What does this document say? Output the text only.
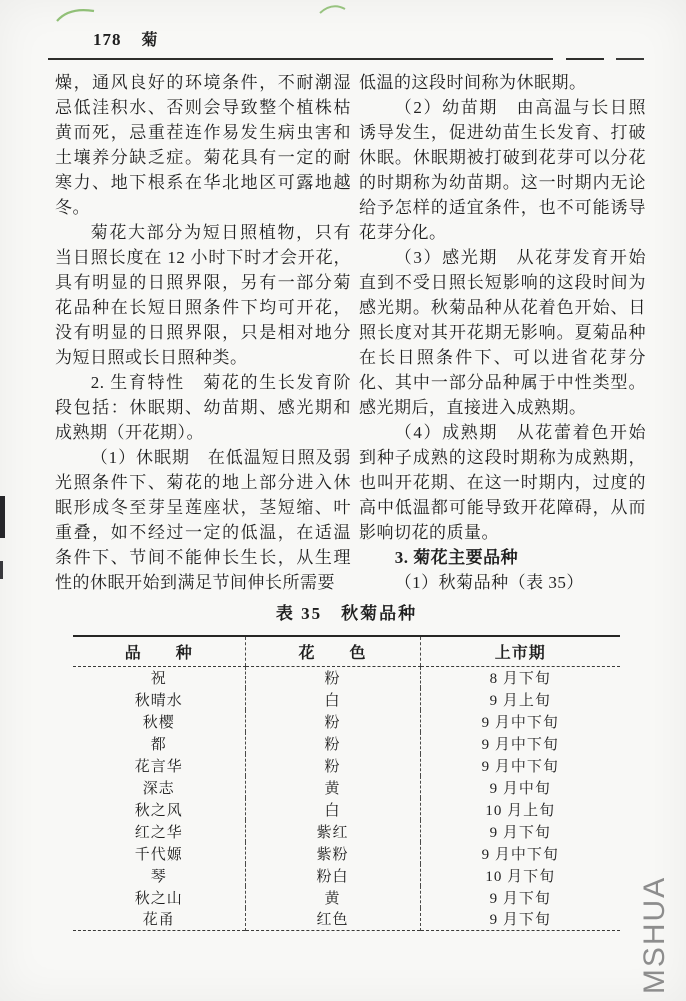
178 菊

燥，通风良好的环境条件，不耐潮湿忌低洼积水、否则会导致整个植株枯黄而死，忌重茬连作易发生病虫害和土壤养分缺乏症。菊花具有一定的耐寒力、地下根系在华北地区可露地越冬。

菊花大部分为短日照植物，只有当日照长度在 12 小时下时才会开花，具有明显的日照界限，另有一部分菊花品种在长短日照条件下均可开花，没有明显的日照界限，只是相对地分为短日照或长日照种类。

2. 生育特性　菊花的生长发育阶段包括：休眠期、幼苗期、感光期和成熟期（开花期）。

（1）休眠期　在低温短日照及弱光照条件下、菊花的地上部分进入休眠形成冬至芽呈莲座状，茎短缩、叶重叠，如不经过一定的低温，在适温条件下、节间不能伸长生长，从生理性的休眠开始到满足节间伸长所需要

低温的这段时间称为休眠期。

（2）幼苗期　由高温与长日照诱导发生，促进幼苗生长发育、打破休眠。休眠期被打破到花芽可以分花的时期称为幼苗期。这一时期内无论给予怎样的适宜条件，也不可能诱导花芽分化。

（3）感光期　从花芽发育开始直到不受日照长短影响的这段时间为感光期。秋菊品种从花着色开始、日照长度对其开花期无影响。夏菊品种在长日照条件下、可以进省花芽分化、其中一部分品种属于中性类型。感光期后，直接进入成熟期。

（4）成熟期　从花蕾着色开始到种子成熟的这段时期称为成熟期，也叫开花期、在这一时期内，过度的高中低温都可能导致开花障碍，从而影响切花的质量。

3. 菊花主要品种

（1）秋菊品种（表 35）

表 35　秋菊品种
品　　种	花　　色	上市期
祝	粉	8 月下旬
秋晴水	白	9 月上旬
秋樱	粉	9 月中下旬
都	粉	9 月中下旬
花言华	粉	9 月中下旬
深志	黄	9 月中旬
秋之风	白	10 月上旬
红之华	紫红	9 月下旬
千代嫄	紫粉	9 月中下旬
琴	粉白	10 月下旬
秋之山	黄	9 月下旬
花甬	红色	9 月下旬	MSHUA
